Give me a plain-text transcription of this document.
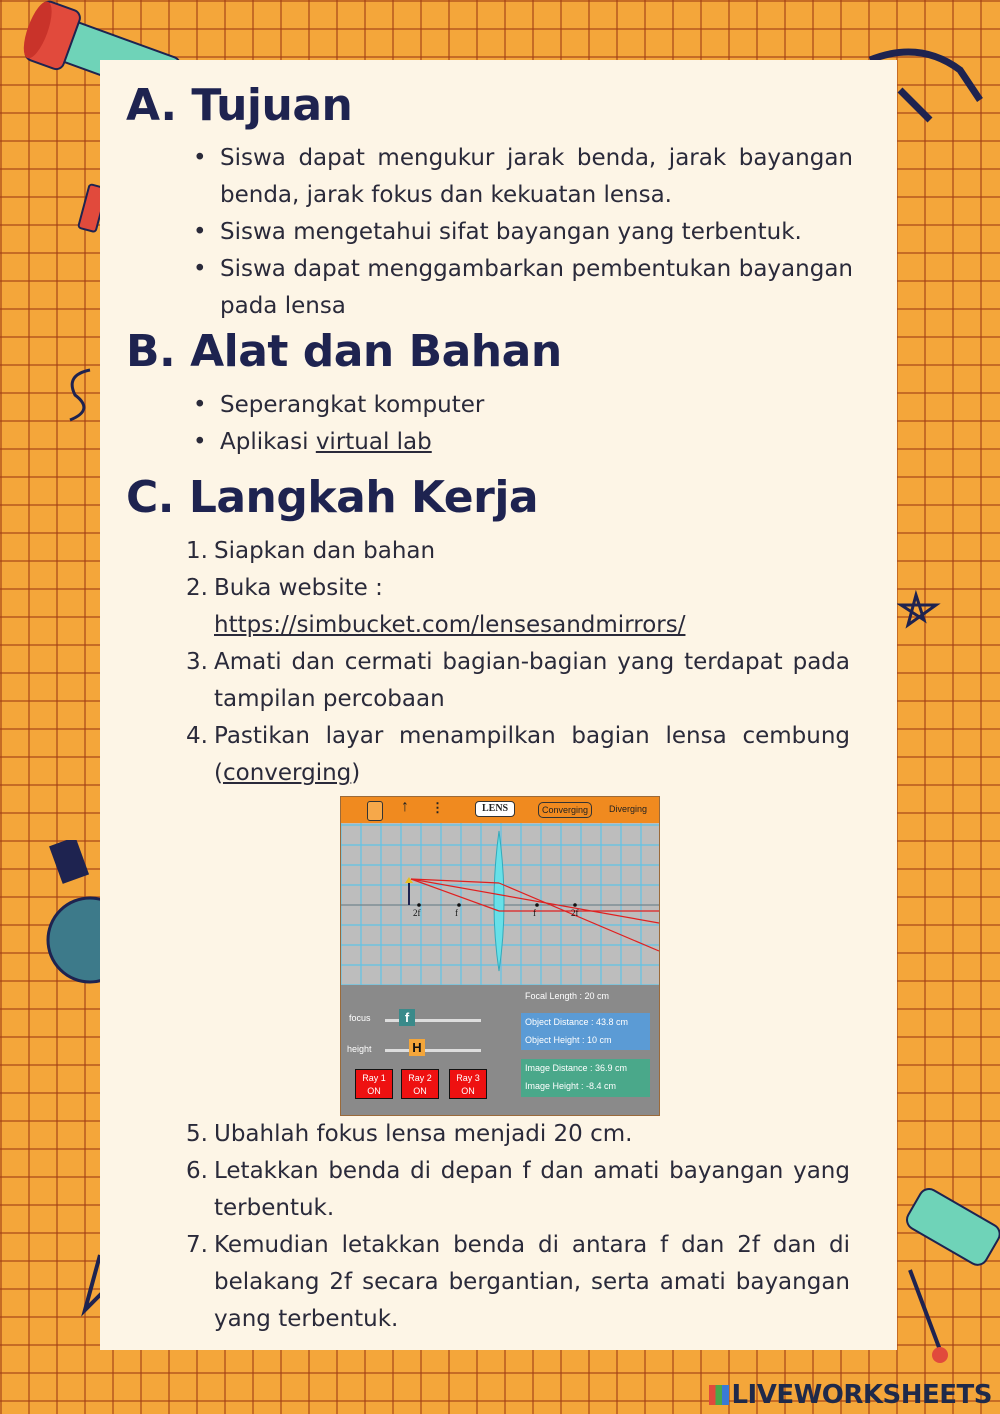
A. Tujuan
• Siswa dapat mengukur jarak benda, jarak bayangan benda, jarak fokus dan kekuatan lensa.
• Siswa mengetahui sifat bayangan yang terbentuk.
• Siswa dapat menggambarkan pembentukan bayangan pada lensa
B. Alat dan Bahan
• Seperangkat komputer
• Aplikasi virtual lab
C. Langkah Kerja
1. Siapkan dan bahan
2. Buka website :
https://simbucket.com/lensesandmirrors/
3. Amati dan cermati bagian-bagian yang terdapat pada tampilan percobaan
4. Pastikan layar menampilkan bagian lensa cembung (converging)
↑ ⋮	LENS	Converging	Diverging
2f	f	f	2f
focus	f
height	H
Focal Length : 20 cm
Object Distance : 43.8 cm
Object Height : 10 cm
Image Distance : 36.9 cm
Image Height : -8.4 cm
Ray 1
ON
Ray 2
ON
Ray 3
ON
5. Ubahlah fokus lensa menjadi 20 cm.
6. Letakkan benda di depan f dan amati bayangan yang terbentuk.
7. Kemudian letakkan benda di antara f dan 2f dan di belakang 2f secara bergantian, serta amati bayangan yang terbentuk.
LIVEWORKSHEETS
